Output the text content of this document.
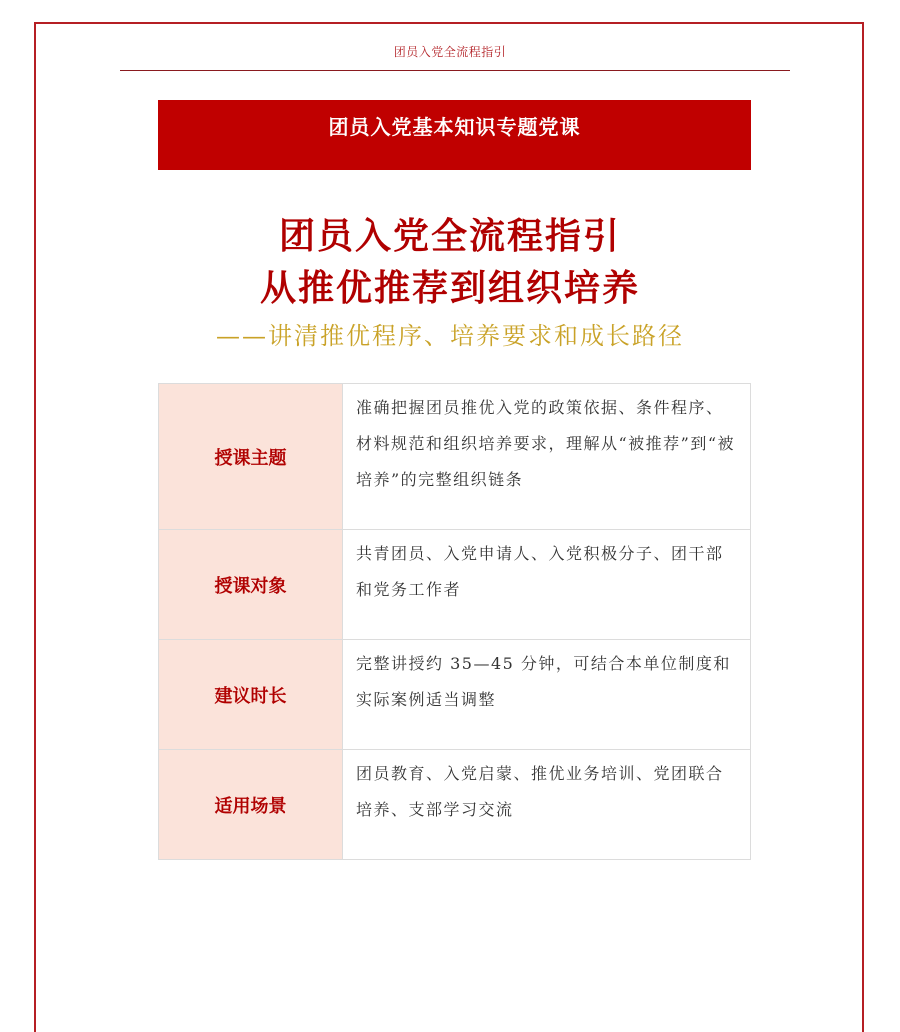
团员入党全流程指引
团员入党基本知识专题党课
团员入党全流程指引
从推优推荐到组织培养
——讲清推优程序、培养要求和成长路径
授课主题	准确把握团员推优入党的政策依据、条件程序、材料规范和组织培养要求，理解从“被推荐”到“被培养”的完整组织链条
授课对象	共青团员、入党申请人、入党积极分子、团干部和党务工作者
建议时长	完整讲授约 35—45 分钟，可结合本单位制度和实际案例适当调整
适用场景	团员教育、入党启蒙、推优业务培训、党团联合培养、支部学习交流
